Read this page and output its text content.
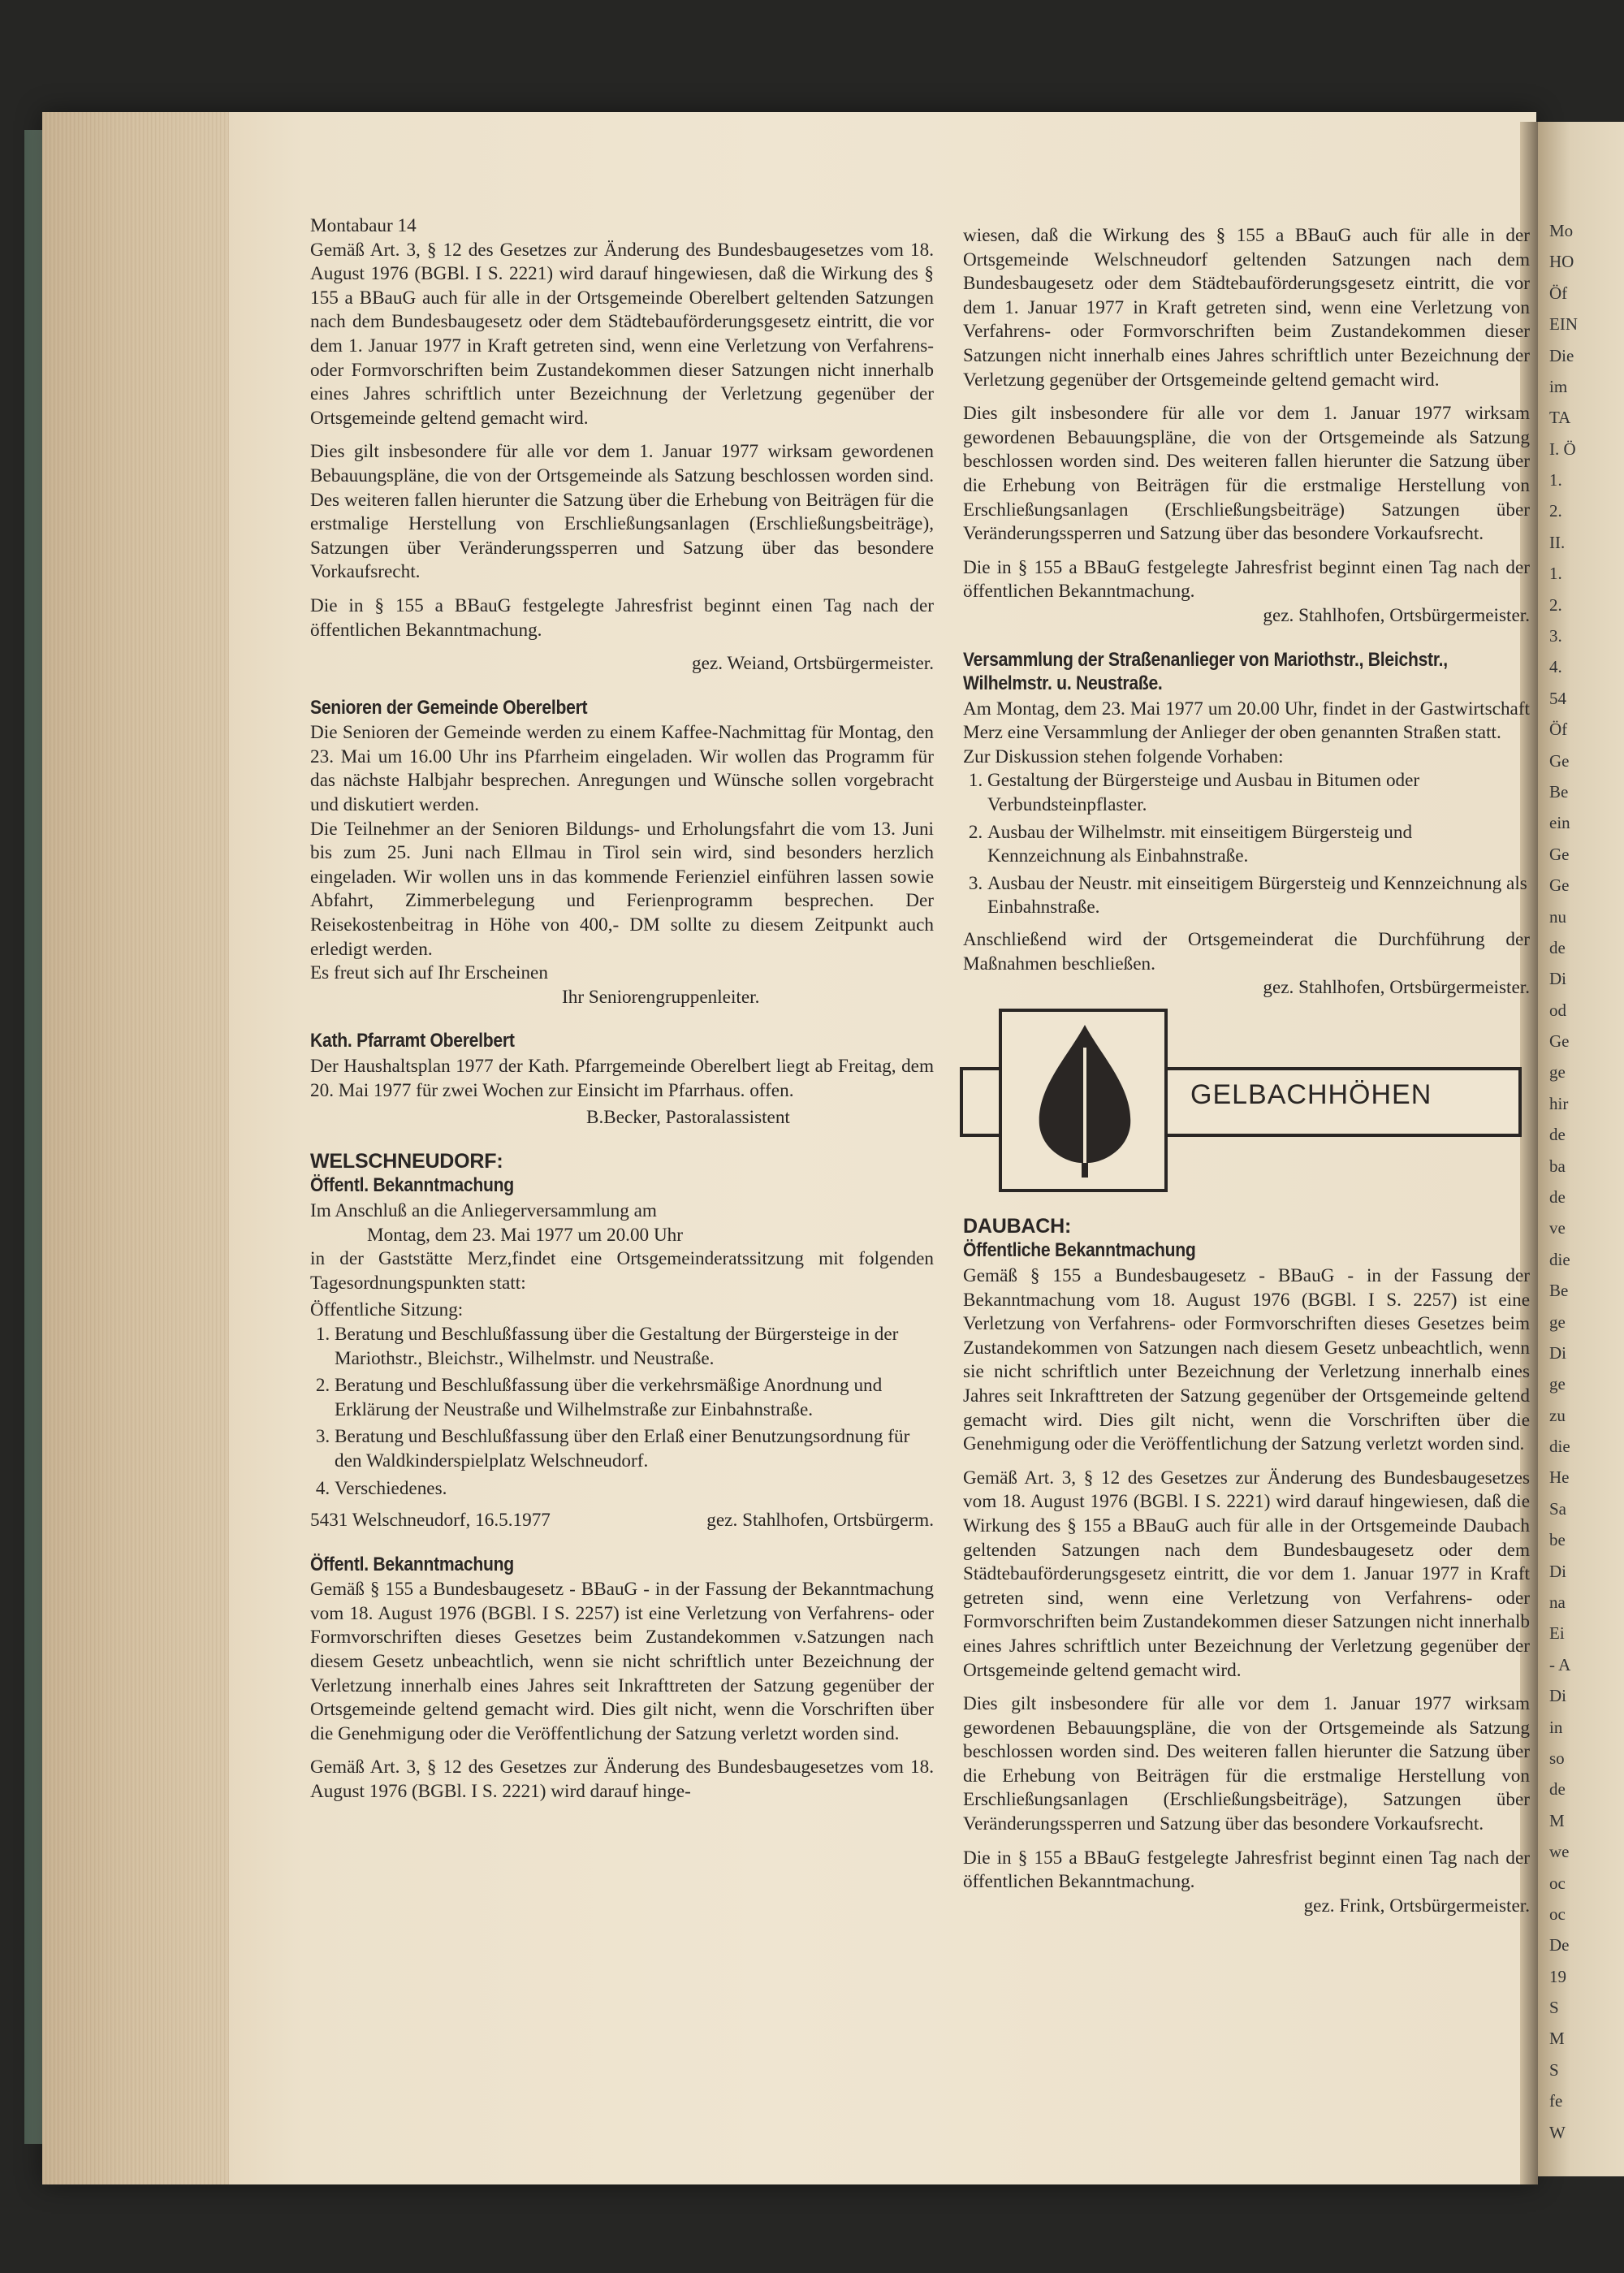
Mo
HO
Öf
EIN
Die
im
TA
I. Ö
1.
2.
II.
1.
2.
3.
4.
54
Öf
Ge
Be
ein
Ge
Ge
nu
de
Di
od
Ge
ge
hir
de
ba
de
ve
die
Be
ge
Di
ge
zu
die
He
Sa
be
Di
na
Ei
- A
Di
in
so
de
M
we
oc
oc
De
19
S
M
S
fe
W
Montabaur 14

Gemäß Art. 3, § 12 des Gesetzes zur Änderung des Bundesbaugesetzes vom 18. August 1976 (BGBl. I S. 2221) wird darauf hingewiesen, daß die Wirkung des § 155 a BBauG auch für alle in der Ortsgemeinde Oberelbert geltenden Satzungen nach dem Bundesbaugesetz oder dem Städtebauförderungsgesetz eintritt, die vor dem 1. Januar 1977 in Kraft getreten sind, wenn eine Verletzung von Verfahrens- oder Formvorschriften beim Zustandekommen dieser Satzungen nicht innerhalb eines Jahres schriftlich unter Bezeichnung der Verletzung gegenüber der Ortsgemeinde geltend gemacht wird.

Dies gilt insbesondere für alle vor dem 1. Januar 1977 wirksam gewordenen Bebauungspläne, die von der Ortsgemeinde als Satzung beschlossen worden sind. Des weiteren fallen hierunter die Satzung über die Erhebung von Beiträgen für die erstmalige Herstellung von Erschließungsanlagen (Erschließungsbeiträge), Satzungen über Veränderungssperren und Satzung über das besondere Vorkaufsrecht.

Die in § 155 a BBauG festgelegte Jahresfrist beginnt einen Tag nach der öffentlichen Bekanntmachung.

gez. Weiand, Ortsbürgermeister.
Senioren der Gemeinde Oberelbert

Die Senioren der Gemeinde werden zu einem Kaffee-Nachmittag für Montag, den 23. Mai um 16.00 Uhr ins Pfarrheim eingeladen. Wir wollen das Programm für das nächste Halbjahr besprechen. Anregungen und Wünsche sollen vorgebracht und diskutiert werden.

Die Teilnehmer an der Senioren Bildungs- und Erholungsfahrt die vom 13. Juni bis zum 25. Juni nach Ellmau in Tirol sein wird, sind besonders herzlich eingeladen. Wir wollen uns in das kommende Ferienziel einführen lassen sowie Abfahrt, Zimmerbelegung und Ferienprogramm besprechen. Der Reisekostenbeitrag in Höhe von 400,- DM sollte zu diesem Zeitpunkt auch erledigt werden.

Es freut sich auf Ihr Erscheinen
Ihr Seniorengruppenleiter.
Kath. Pfarramt Oberelbert

Der Haushaltsplan 1977 der Kath. Pfarrgemeinde Oberelbert liegt ab Freitag, dem 20. Mai 1977 für zwei Wochen zur Einsicht im Pfarrhaus. offen.

B.Becker, Pastoralassistent
WELSCHNEUDORF:
Öffentl. Bekanntmachung
Im Anschluß an die Anliegerversammlung am
Montag, dem 23. Mai 1977 um 20.00 Uhr

in der Gaststätte Merz,findet eine Ortsgemeinderatssitzung mit folgenden Tagesordnungspunkten statt:

Öffentliche Sitzung:
1. Beratung und Beschlußfassung über die Gestaltung der Bürgersteige in der Mariothstr., Bleichstr., Wilhelmstr. und Neustraße.
2. Beratung und Beschlußfassung über die verkehrsmäßige Anordnung und Erklärung der Neustraße und Wilhelmstraße zur Einbahnstraße.
3. Beratung und Beschlußfassung über den Erlaß einer Benutzungsordnung für den Waldkinderspielplatz Welschneudorf.
4. Verschiedenes.
5431 Welschneudorf, 16.5.1977	gez. Stahlhofen, Ortsbürgerm.
Öffentl. Bekanntmachung

Gemäß § 155 a Bundesbaugesetz - BBauG - in der Fassung der Bekanntmachung vom 18. August 1976 (BGBl. I S. 2257) ist eine Verletzung von Verfahrens- oder Formvorschriften dieses Gesetzes beim Zustandekommen v.Satzungen nach diesem Gesetz unbeachtlich, wenn sie nicht schriftlich unter Bezeichnung der Verletzung innerhalb eines Jahres seit Inkrafttreten der Satzung gegenüber der Ortsgemeinde geltend gemacht wird. Dies gilt nicht, wenn die Vorschriften über die Genehmigung oder die Veröffentlichung der Satzung verletzt worden sind.

Gemäß Art. 3, § 12 des Gesetzes zur Änderung des Bundesbaugesetzes vom 18. August 1976 (BGBl. I S. 2221) wird darauf hinge-

wiesen, daß die Wirkung des § 155 a BBauG auch für alle in der Ortsgemeinde Welschneudorf geltenden Satzungen nach dem Bundesbaugesetz oder dem Städtebauförderungsgesetz eintritt, die vor dem 1. Januar 1977 in Kraft getreten sind, wenn eine Verletzung von Verfahrens- oder Formvorschriften beim Zustandekommen dieser Satzungen nicht innerhalb eines Jahres schriftlich unter Bezeichnung der Verletzung gegenüber der Ortsgemeinde geltend gemacht wird.

Dies gilt insbesondere für alle vor dem 1. Januar 1977 wirksam gewordenen Bebauungspläne, die von der Ortsgemeinde als Satzung beschlossen worden sind. Des weiteren fallen hierunter die Satzung über die Erhebung von Beiträgen für die erstmalige Herstellung von Erschließungsanlagen (Erschließungsbeiträge) Satzungen über Veränderungssperren und Satzung über das besondere Vorkaufsrecht.

Die in § 155 a BBauG festgelegte Jahresfrist beginnt einen Tag nach der öffentlichen Bekanntmachung.

gez. Stahlhofen, Ortsbürgermeister.
Versammlung der Straßenanlieger von Mariothstr., Bleichstr.,
Wilhelmstr. u. Neustraße.

Am Montag, dem 23. Mai 1977 um 20.00 Uhr, findet in der Gastwirtschaft Merz eine Versammlung der Anlieger der oben genannten Straßen statt.

Zur Diskussion stehen folgende Vorhaben:
1. Gestaltung der Bürgersteige und Ausbau in Bitumen oder Verbundsteinpflaster.
2. Ausbau der Wilhelmstr. mit einseitigem Bürgersteig und Kennzeichnung als Einbahnstraße.
3. Ausbau der Neustr. mit einseitigem Bürgersteig und Kennzeichnung als Einbahnstraße.

Anschließend wird der Ortsgemeinderat die Durchführung der Maßnahmen beschließen.

gez. Stahlhofen, Ortsbürgermeister.
GELBACHHÖHEN
DAUBACH:
Öffentliche Bekanntmachung

Gemäß § 155 a Bundesbaugesetz - BBauG - in der Fassung der Bekanntmachung vom 18. August 1976 (BGBl. I S. 2257) ist eine Verletzung von Verfahrens- oder Formvorschriften dieses Gesetzes beim Zustandekommen von Satzungen nach diesem Gesetz unbeachtlich, wenn sie nicht schriftlich unter Bezeichnung der Verletzung innerhalb eines Jahres seit Inkrafttreten der Satzung gegenüber der Ortsgemeinde geltend gemacht wird. Dies gilt nicht, wenn die Vorschriften über die Genehmigung oder die Veröffentlichung der Satzung verletzt worden sind.

Gemäß Art. 3, § 12 des Gesetzes zur Änderung des Bundesbaugesetzes vom 18. August 1976 (BGBl. I S. 2221) wird darauf hingewiesen, daß die Wirkung des § 155 a BBauG auch für alle in der Ortsgemeinde Daubach geltenden Satzungen nach dem Bundesbaugesetz oder dem Städtebauförderungsgesetz eintritt, die vor dem 1. Januar 1977 in Kraft getreten sind, wenn eine Verletzung von Verfahrens- oder Formvorschriften beim Zustandekommen dieser Satzungen nicht innerhalb eines Jahres schriftlich unter Bezeichnung der Verletzung gegenüber der Ortsgemeinde geltend gemacht wird.

Dies gilt insbesondere für alle vor dem 1. Januar 1977 wirksam gewordenen Bebauungspläne, die von der Ortsgemeinde als Satzung beschlossen worden sind. Des weiteren fallen hierunter die Satzung über die Erhebung von Beiträgen für die erstmalige Herstellung von Erschließungsanlagen (Erschließungsbeiträge), Satzungen über Veränderungssperren und Satzung über das besondere Vorkaufsrecht.

Die in § 155 a BBauG festgelegte Jahresfrist beginnt einen Tag nach der öffentlichen Bekanntmachung.

gez. Frink, Ortsbürgermeister.
